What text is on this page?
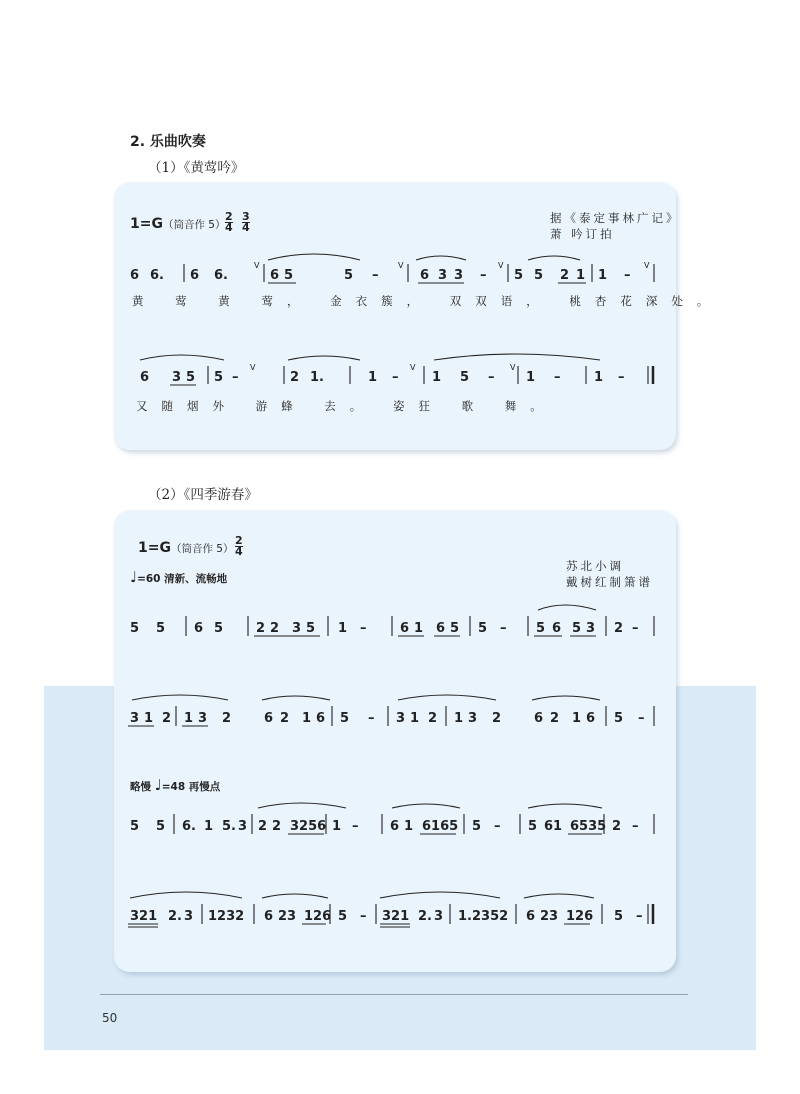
2. 乐曲吹奏
（1）《黄莺吟》
1=G（筒音作 5）
2
4
3
4
据《泰定事林广记》
萧 吟订拍
6 6. 6 6.	6 5	5 –	6 3 3 – 5 5 2 1 1 –
V	V	V	V
黄 莺 黄 莺， 金衣簇， 双双语， 桃杏花深处。
6 3 5 5 –	2 1.	1 –	1 5 – 1 –	1 –
V	V	V
又随烟外 游蜂 去。 姿狂 歌 舞。
（2）《四季游春》
1=G（筒音作 5）
2
4
苏北小调
戴树红制箫谱
♩=60 清新、流畅地
5 5 6 5	2 2 3 5 1 –	6 1 6 5 5 – 5 6 5 3 2 –
3 1 2 1 3 2	6 2 1 6 5 – 3 1 2 1 3 2	6 2 1 6 5 –
略慢 ♩=48 再慢点
5 5 6. 1 5. 3 2 2 3256 1 – 6 1 6165 5 – 5 61 6535 2 –
321 2. 3 1232 6 23 126 5 – 321 2. 3 1.2352 6 23 126 5 –
50
